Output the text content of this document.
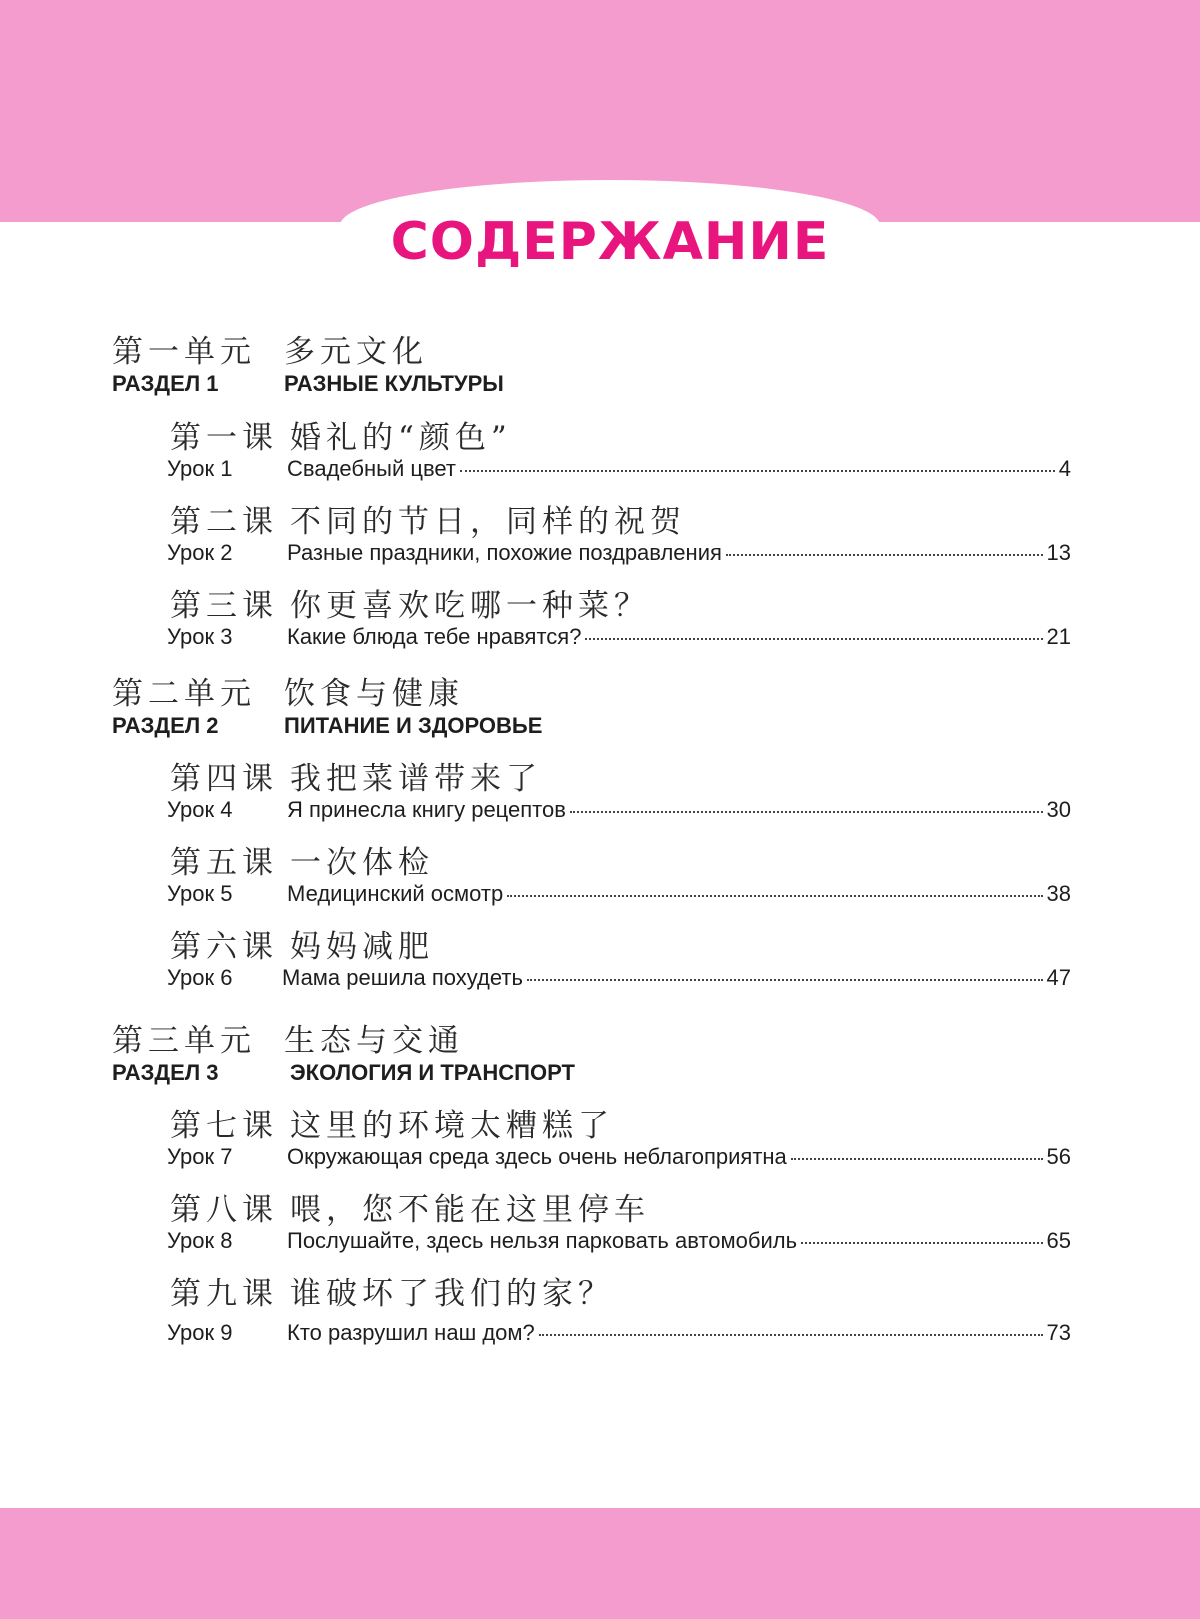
СОДЕРЖАНИЕ
第一单元 多元文化
РАЗДЕЛ 1	РАЗНЫЕ КУЛЬТУРЫ
第一课 婚礼的“颜色”
Урок 1 Свадебный цвет	4
第二课 不同的节日，同样的祝贺
Урок 2 Разные праздники, похожие поздравления	13
第三课 你更喜欢吃哪一种菜？
Урок 3 Какие блюда тебе нравятся?	21
第二单元 饮食与健康
РАЗДЕЛ 2	ПИТАНИЕ И ЗДОРОВЬЕ
第四课 我把菜谱带来了
Урок 4 Я принесла книгу рецептов	30
第五课 一次体检
Урок 5 Медицинский осмотр	38
第六课 妈妈减肥
Урок 6 Мама решила похудеть	47
第三单元 生态与交通
РАЗДЕЛ 3	ЭКОЛОГИЯ И ТРАНСПОРТ
第七课 这里的环境太糟糕了
Урок 7 Окружающая среда здесь очень неблагоприятна	56
第八课 喂，您不能在这里停车
Урок 8 Послушайте, здесь нельзя парковать автомобиль	65
第九课 谁破坏了我们的家？
Урок 9 Кто разрушил наш дом?	73
